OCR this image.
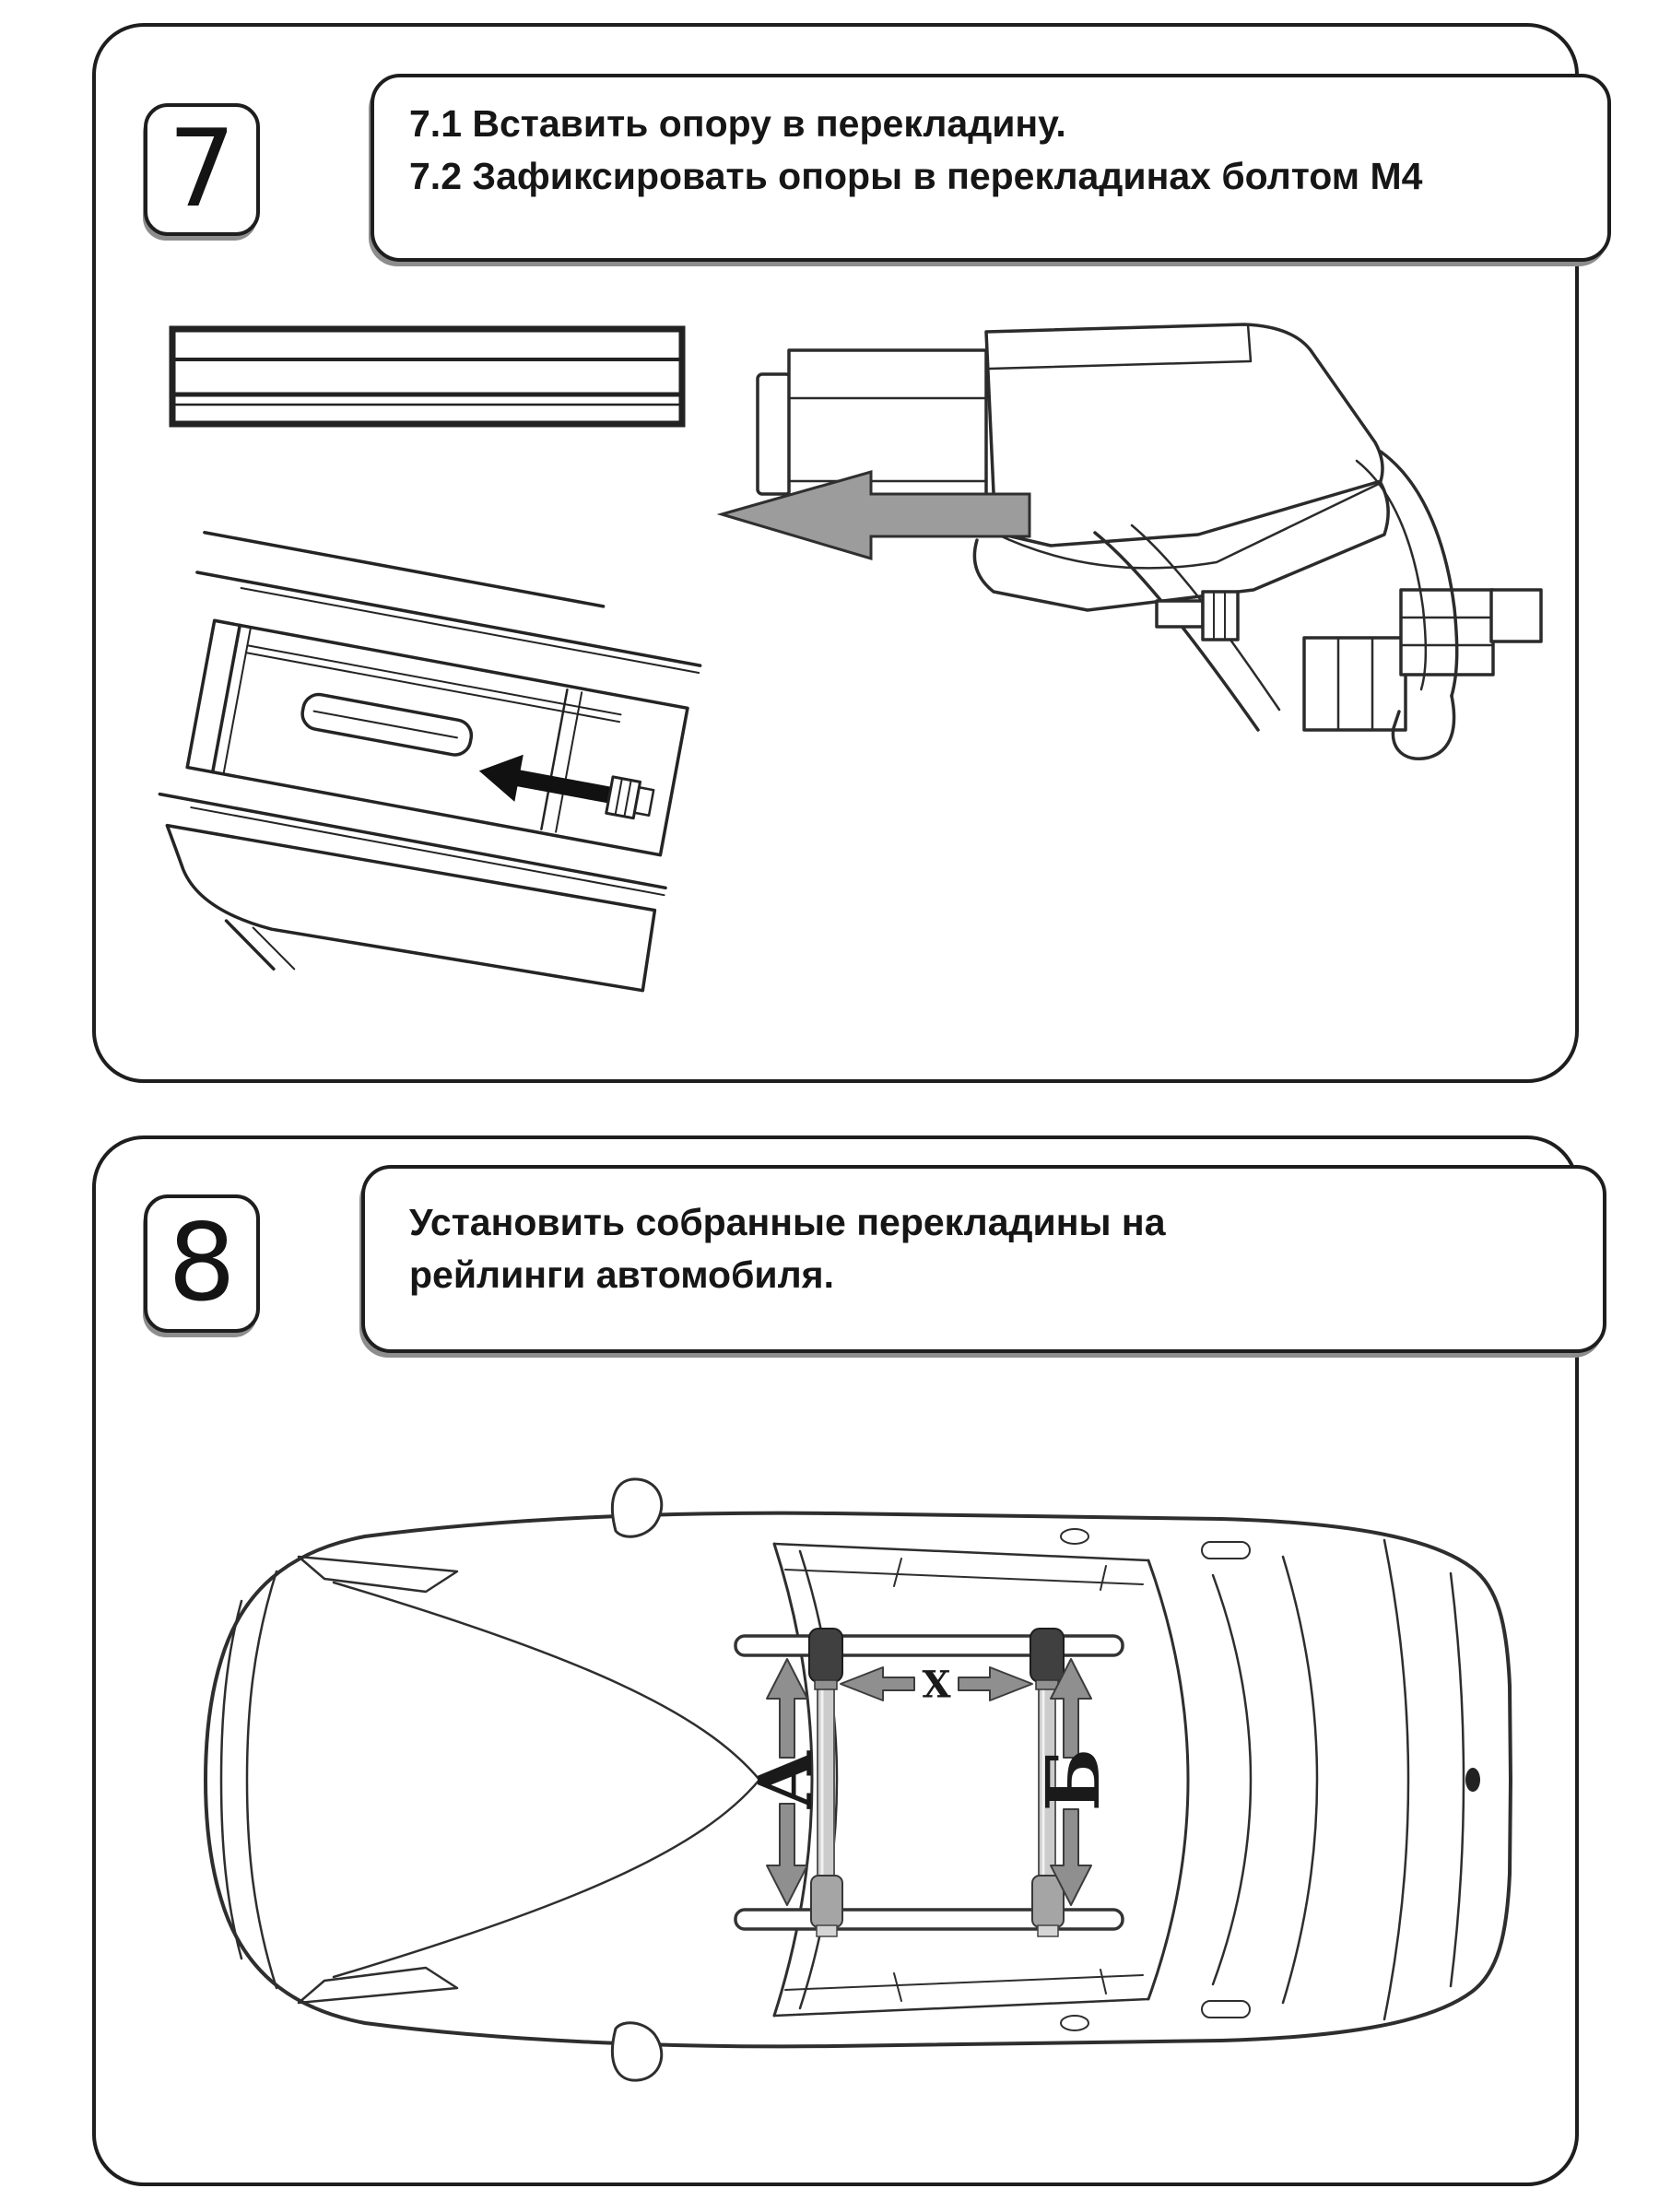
7	7.1 Вставить опору в перекладину.
7.2 Зафиксировать опоры в перекладинах болтом М4
8	Установить собранные перекладины на рейлинги автомобиля.
А	Б
X
